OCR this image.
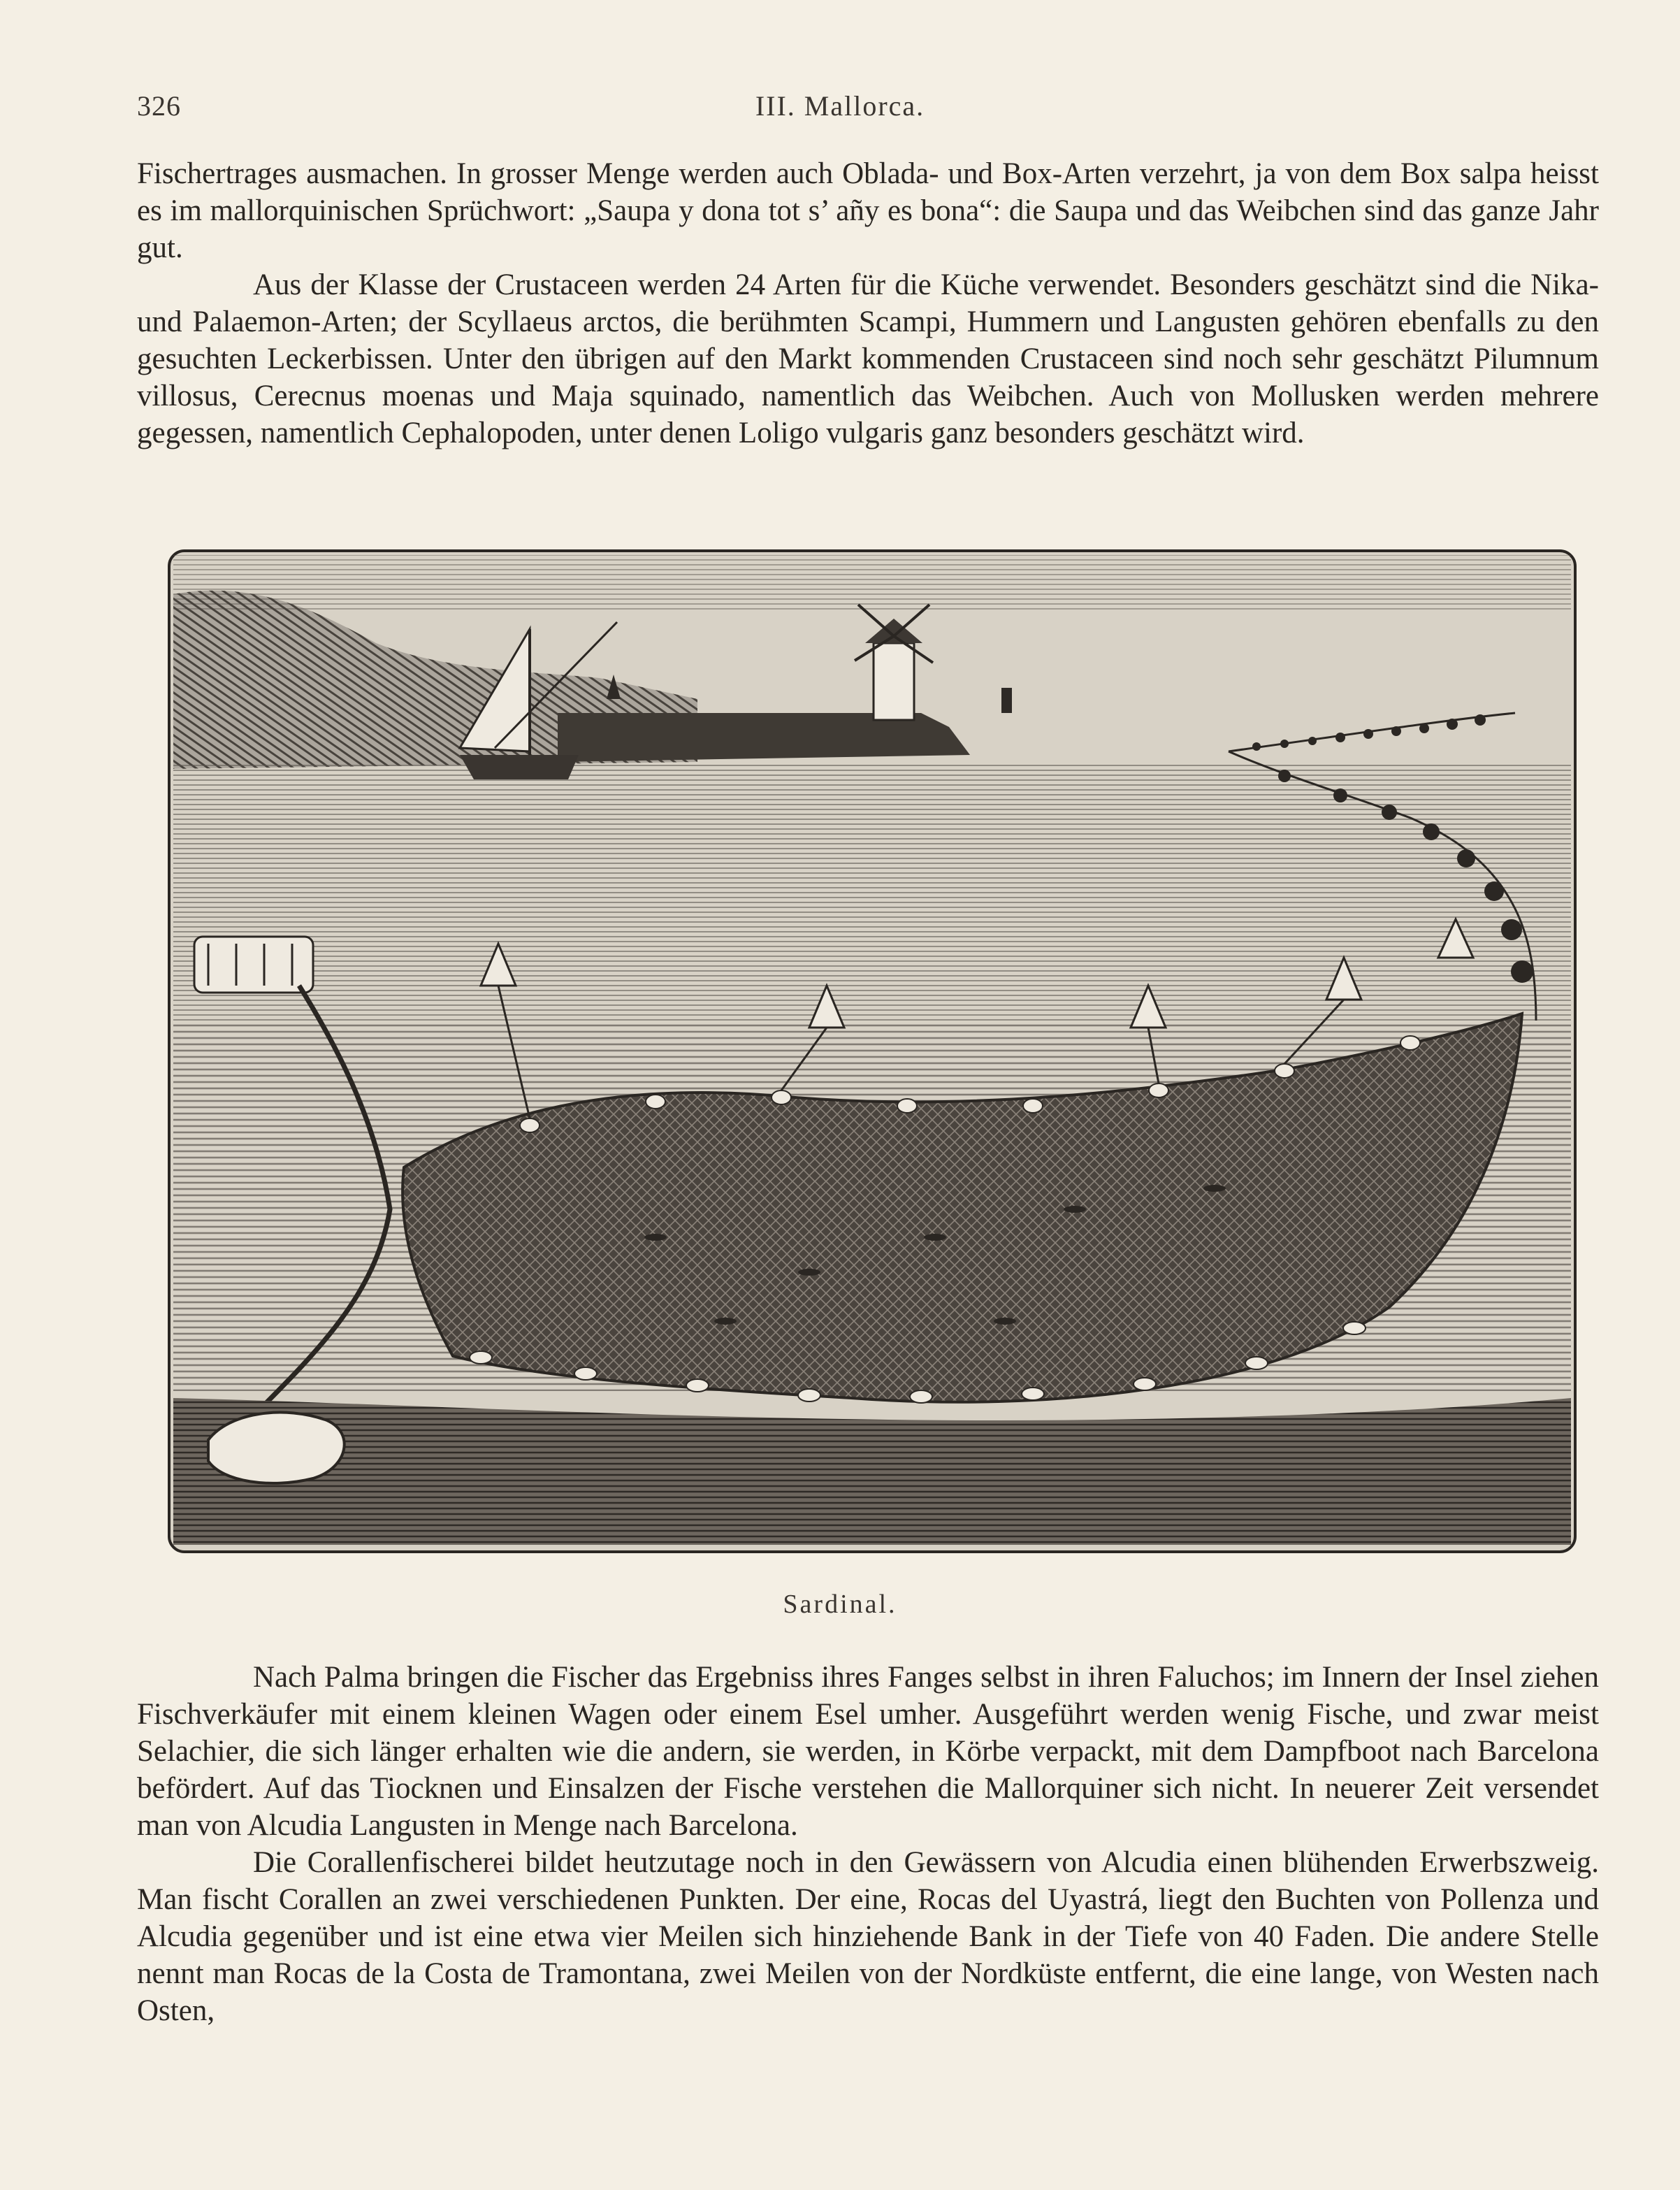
326	III. Mallorca.

Fischertrages ausmachen. In grosser Menge werden auch Oblada- und Box-Arten verzehrt, ja von dem Box salpa heisst es im mallorquinischen Sprüchwort: „Saupa y dona tot s’ añy es bona“: die Saupa und das Weibchen sind das ganze Jahr gut.

Aus der Klasse der Crustaceen werden 24 Arten für die Küche verwendet. Besonders geschätzt sind die Nika- und Palaemon-Arten; der Scyllaeus arctos, die berühmten Scampi, Hummern und Langusten gehören ebenfalls zu den gesuchten Leckerbissen. Unter den übrigen auf den Markt kommenden Crustaceen sind noch sehr geschätzt Pilumnum villosus, Cerecnus moenas und Maja squinado, namentlich das Weibchen. Auch von Mollusken werden mehrere gegessen, namentlich Cephalopoden, unter denen Loligo vulgaris ganz besonders geschätzt wird.

Sardinal.

Nach Palma bringen die Fischer das Ergebniss ihres Fanges selbst in ihren Faluchos; im Innern der Insel ziehen Fischverkäufer mit einem kleinen Wagen oder einem Esel umher. Ausgeführt werden wenig Fische, und zwar meist Selachier, die sich länger erhalten wie die andern, sie werden, in Körbe verpackt, mit dem Dampfboot nach Barcelona befördert. Auf das Tiocknen und Einsalzen der Fische verstehen die Mallorquiner sich nicht. In neuerer Zeit versendet man von Alcudia Langusten in Menge nach Barcelona.

Die Corallenfischerei bildet heutzutage noch in den Gewässern von Alcudia einen blühenden Erwerbszweig. Man fischt Corallen an zwei verschiedenen Punkten. Der eine, Rocas del Uyastrá, liegt den Buchten von Pollenza und Alcudia gegenüber und ist eine etwa vier Meilen sich hinziehende Bank in der Tiefe von 40 Faden. Die andere Stelle nennt man Rocas de la Costa de Tramontana, zwei Meilen von der Nordküste entfernt, die eine lange, von Westen nach Osten,
